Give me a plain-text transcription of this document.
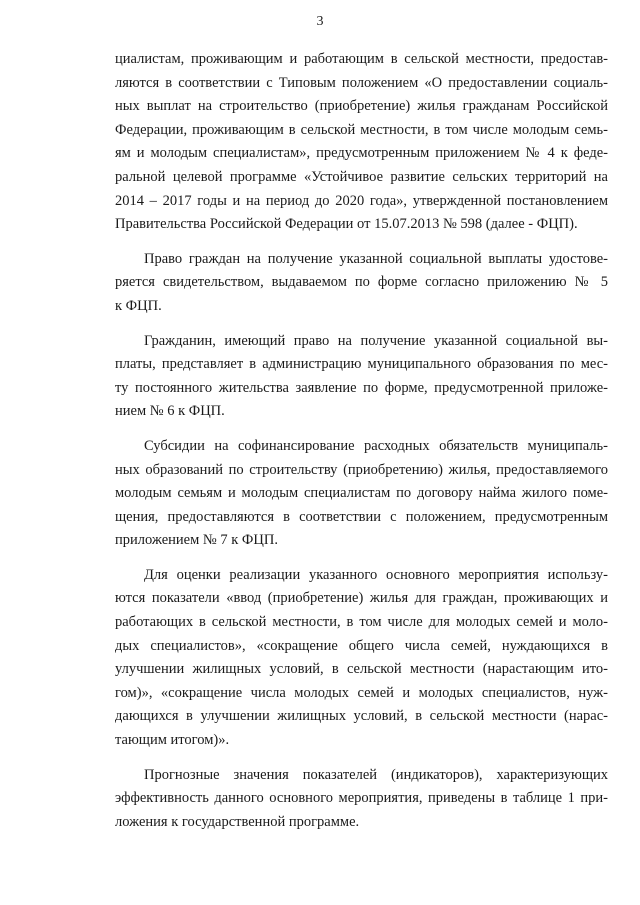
3

циалистам, проживающим и работающим в сельской местности, предостав-
ляются в соответствии с Типовым положением «О предоставлении социаль-
ных выплат на строительство (приобретение) жилья гражданам Российской
Федерации, проживающим в сельской местности, в том числе молодым семь-
ям и молодым специалистам», предусмотренным приложением № 4 к феде-
ральной целевой программе «Устойчивое развитие сельских территорий на
2014 – 2017 годы и на период до 2020 года», утвержденной постановлением
Правительства Российской Федерации от 15.07.2013 № 598 (далее - ФЦП).

Право граждан на получение указанной социальной выплаты удостове-
ряется свидетельством, выдаваемом по форме согласно приложению № 5
к ФЦП.

Гражданин, имеющий право на получение указанной социальной вы-
платы, представляет в администрацию муниципального образования по мес-
ту постоянного жительства заявление по форме, предусмотренной приложе-
нием № 6 к ФЦП.

Субсидии на софинансирование расходных обязательств муниципаль-
ных образований по строительству (приобретению) жилья, предоставляемого
молодым семьям и молодым специалистам по договору найма жилого поме-
щения, предоставляются в соответствии с положением, предусмотренным
приложением № 7 к ФЦП.

Для оценки реализации указанного основного мероприятия использу-
ются показатели «ввод (приобретение) жилья для граждан, проживающих и
работающих в сельской местности, в том числе для молодых семей и моло-
дых специалистов», «сокращение общего числа семей, нуждающихся в
улучшении жилищных условий, в сельской местности (нарастающим ито-
гом)», «сокращение числа молодых семей и молодых специалистов, нуж-
дающихся в улучшении жилищных условий, в сельской местности (нарас-
тающим итогом)».

Прогнозные значения показателей (индикаторов), характеризующих
эффективность данного основного мероприятия, приведены в таблице 1 при-
ложения к государственной программе.
